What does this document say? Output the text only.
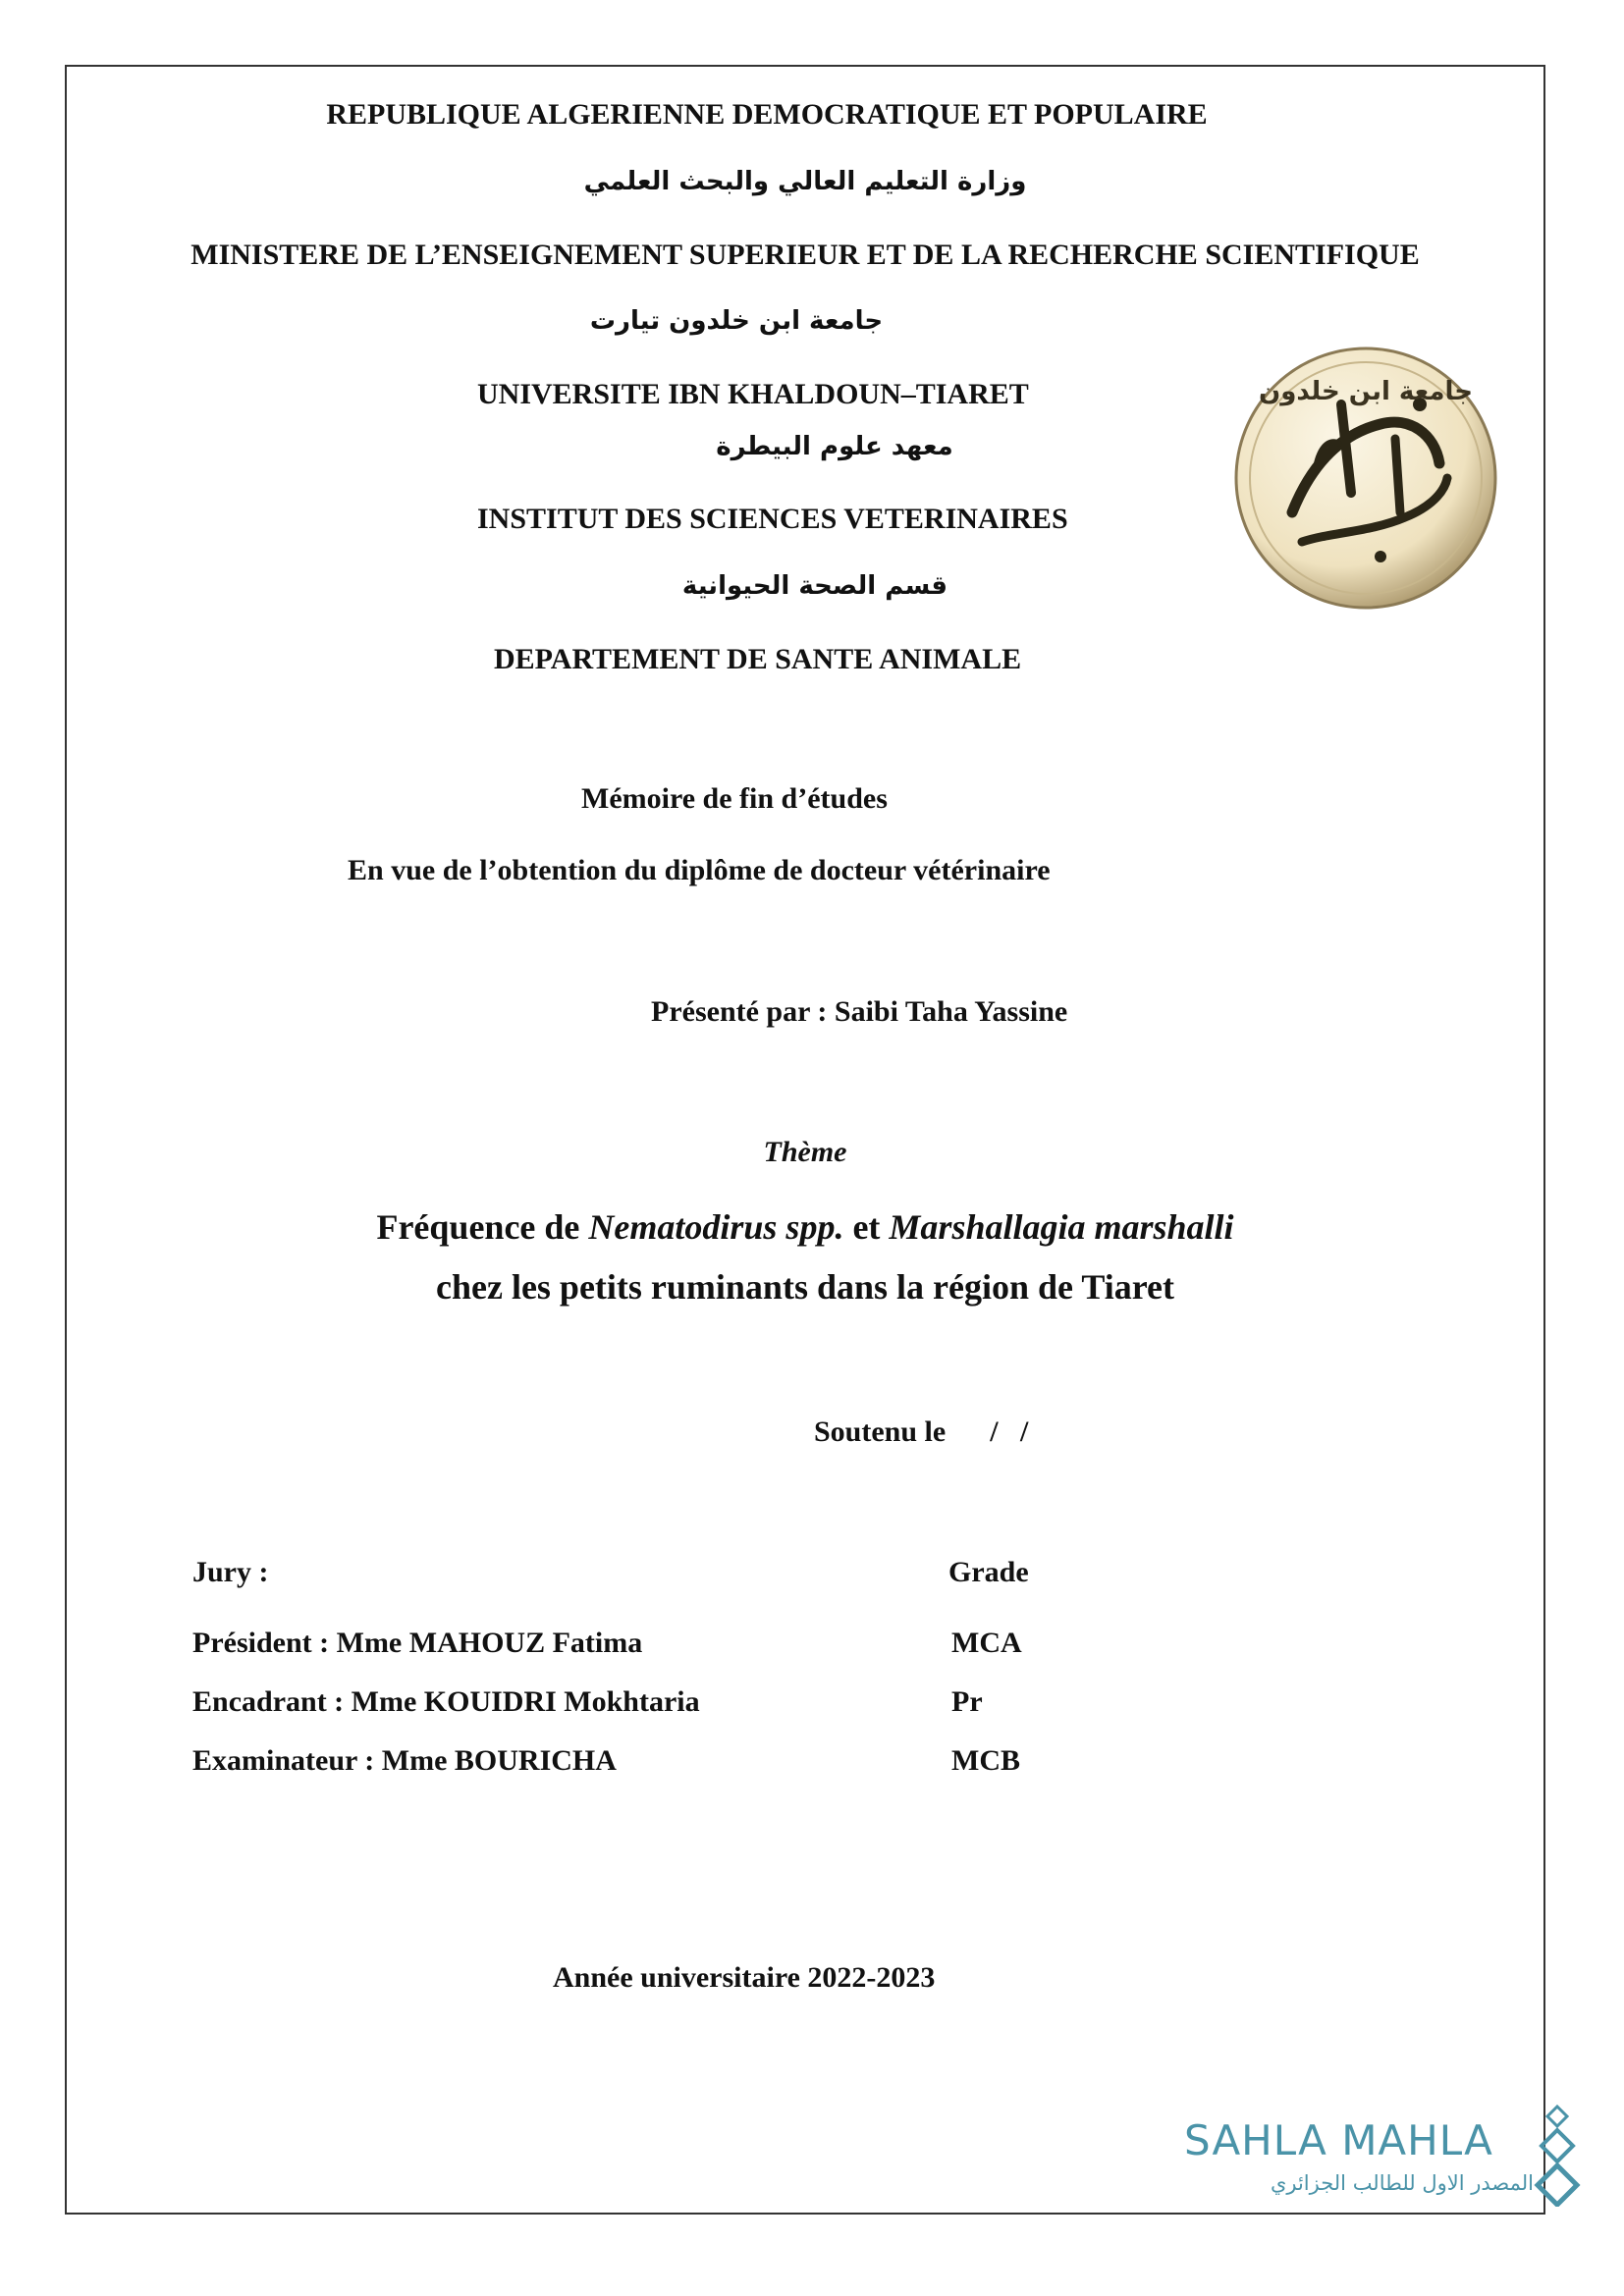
REPUBLIQUE ALGERIENNE DEMOCRATIQUE ET POPULAIRE
وزارة التعليم العالي والبحث العلمي
MINISTERE DE L’ENSEIGNEMENT SUPERIEUR ET DE LA RECHERCHE SCIENTIFIQUE
جامعة ابن خلدون تيارت
UNIVERSITE IBN KHALDOUN–TIARET
معهد علوم البيطرة
INSTITUT DES SCIENCES VETERINAIRES
قسم الصحة الحيوانية
DEPARTEMENT DE SANTE ANIMALE
جامعة ابن خلدون
Mémoire de fin d’études
En vue de l’obtention du diplôme de docteur vétérinaire
Présenté par : Saibi Taha Yassine
Thème
Fréquence de Nematodirus spp. et Marshallagia marshalli
chez les petits ruminants dans la région de Tiaret
Soutenu le      /   /
Jury :	Grade
Président : Mme MAHOUZ Fatima	MCA
Encadrant : Mme KOUIDRI Mokhtaria	Pr
Examinateur : Mme BOURICHA	MCB
Année universitaire 2022-2023
SAHLA MAHLA
المصدر الاول للطالب الجزائري
